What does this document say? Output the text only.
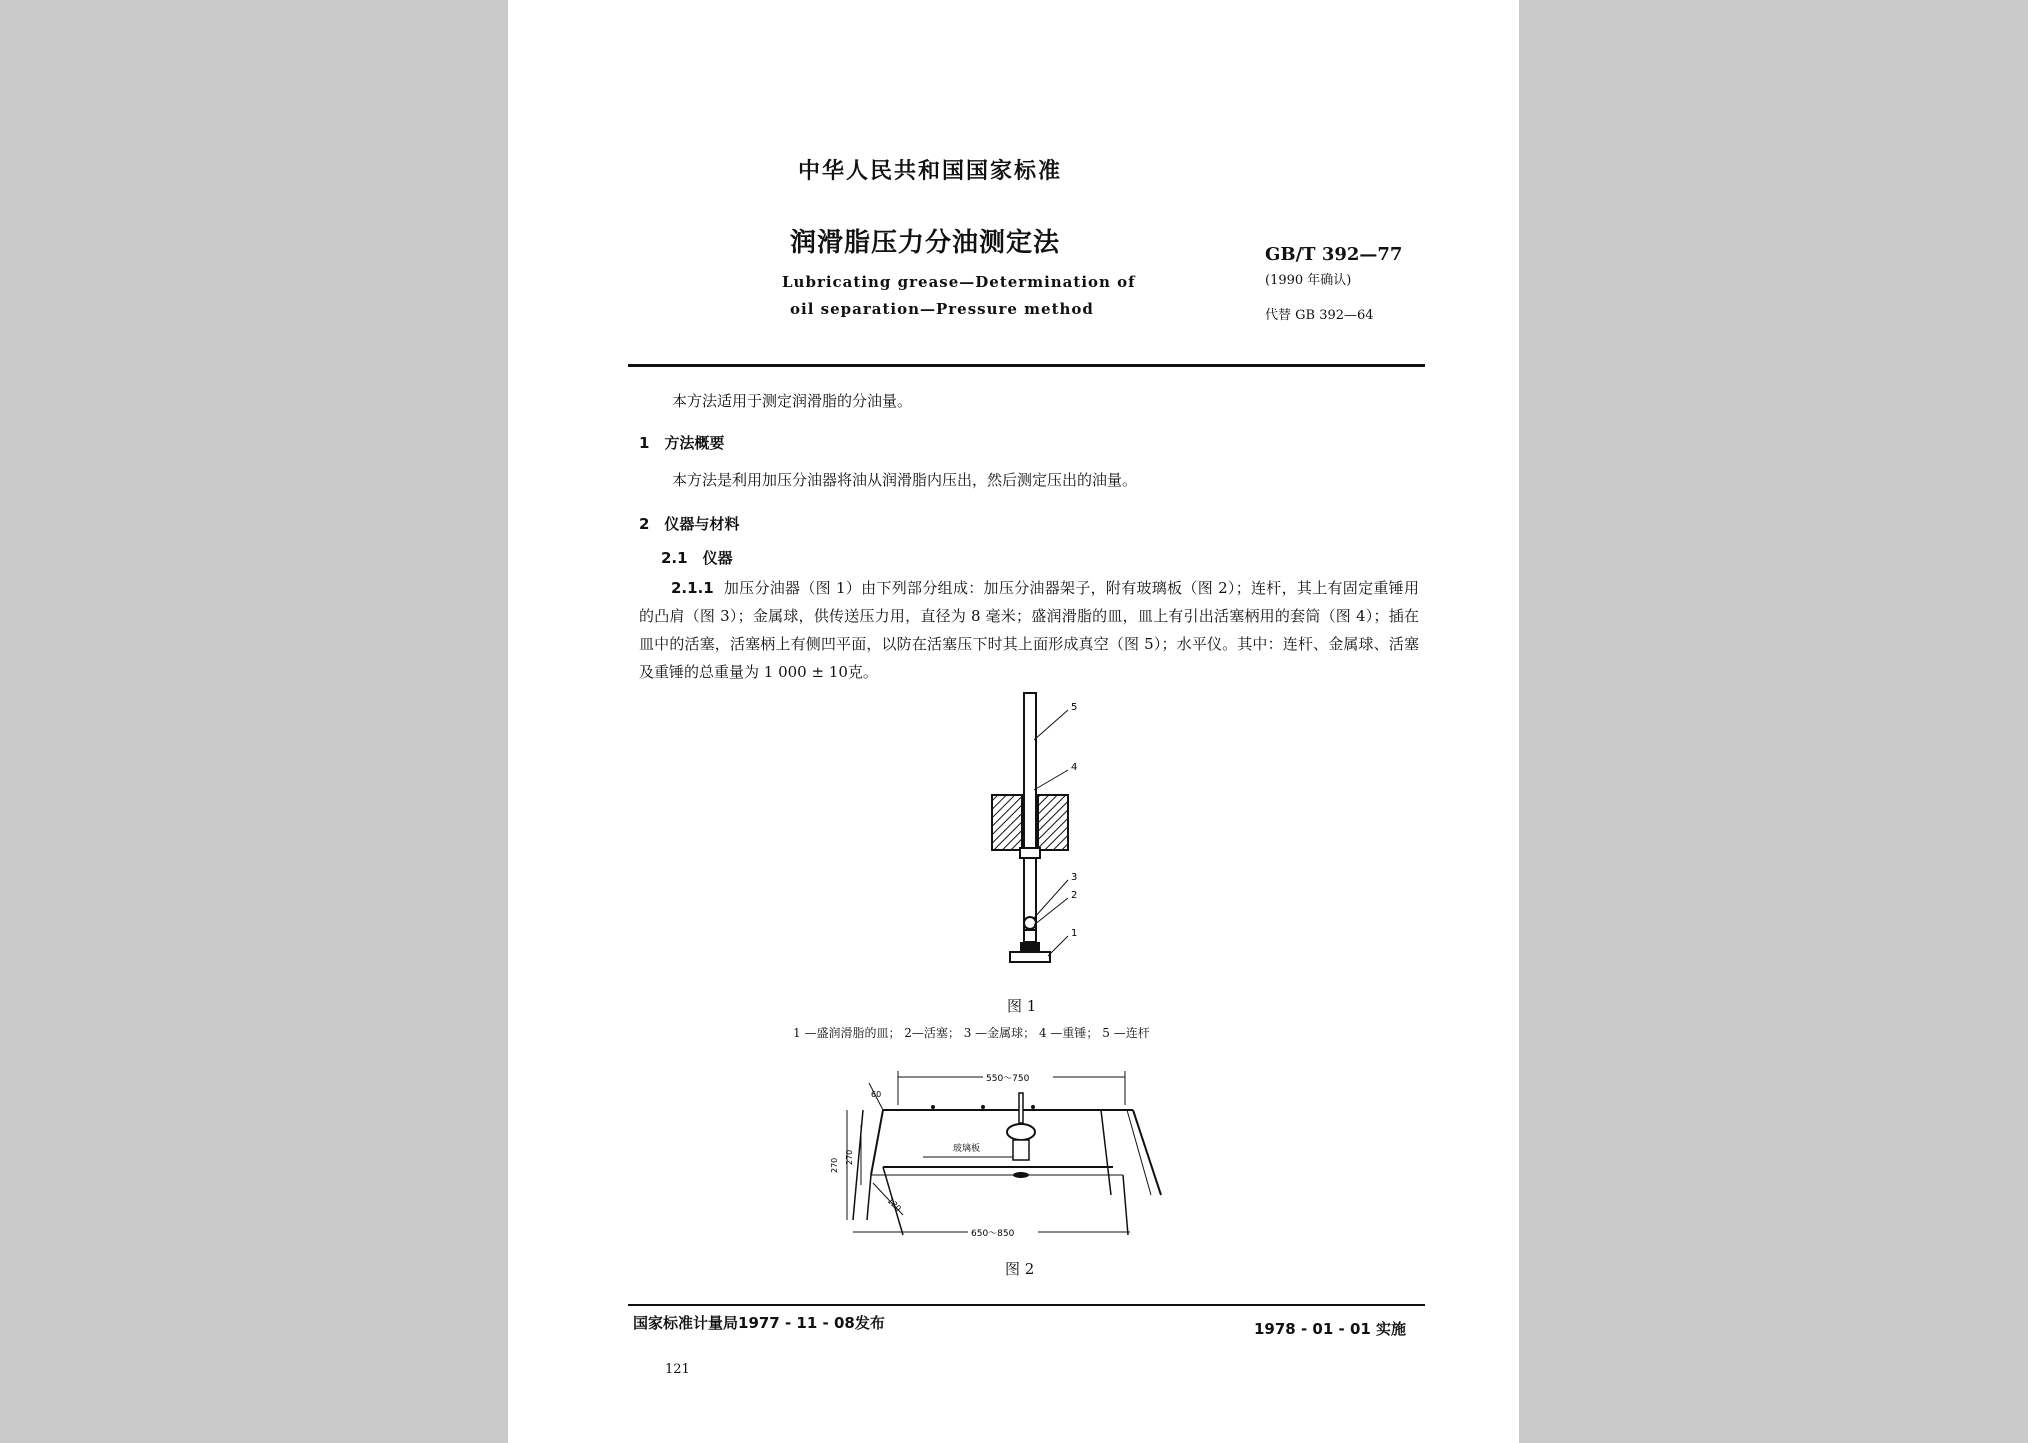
中华人民共和国国家标准
润滑脂压力分油测定法
Lubricating grease—Determination of
oil separation—Pressure method
GB/T 392—77
(1990 年确认)
代替 GB 392—64
本方法适用于测定润滑脂的分油量。
1　方法概要
本方法是利用加压分油器将油从润滑脂内压出，然后测定压出的油量。
2　仪器与材料
2.1　仪器
2.1.1 加压分油器（图 1）由下列部分组成：加压分油器架子，附有玻璃板（图 2）；连杆，其上有固定重锤用的凸肩（图 3）；金属球，供传送压力用，直径为 8 毫米；盛润滑脂的皿，皿上有引出活塞柄用的套筒（图 4）；插在皿中的活塞，活塞柄上有侧凹平面，以防在活塞压下时其上面形成真空（图 5）；水平仪。其中：连杆、金属球、活塞及重锤的总重量为 1 000 ± 10克。
5
4
3
2
1
图 1
1 —盛润滑脂的皿； 2—活塞； 3 —金属球； 4 —重锤； 5 —连杆
550～750
60
玻璃板
270
270
120
650～850
图 2
国家标准计量局1977 - 11 - 08发布	1978 - 01 - 01 实施
121
